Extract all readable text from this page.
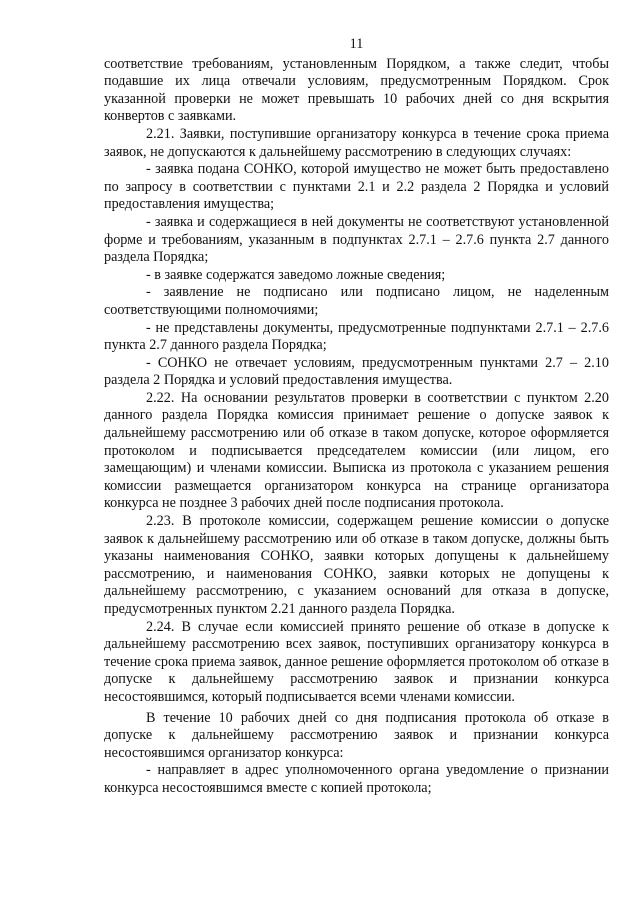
11

соответствие требованиям, установленным Порядком, а также следит, чтобы подавшие их лица отвечали условиям, предусмотренным Порядком. Срок указанной проверки не может превышать 10 рабочих дней со дня вскрытия конвертов с заявками.

2.21. Заявки, поступившие организатору конкурса в течение срока приема заявок, не допускаются к дальнейшему рассмотрению в следующих случаях:

- заявка подана СОНКО, которой имущество не может быть предоставлено по запросу в соответствии с пунктами 2.1 и 2.2 раздела 2 Порядка и условий предоставления имущества;

- заявка и содержащиеся в ней документы не соответствуют установленной форме и требованиям, указанным в подпунктах 2.7.1 – 2.7.6 пункта 2.7 данного раздела Порядка;

- в заявке содержатся заведомо ложные сведения;

- заявление не подписано или подписано лицом, не наделенным соответствующими полномочиями;

- не представлены документы, предусмотренные подпунктами 2.7.1 – 2.7.6 пункта 2.7 данного раздела Порядка;

- СОНКО не отвечает условиям, предусмотренным пунктами 2.7 – 2.10 раздела 2 Порядка и условий предоставления имущества.

2.22. На основании результатов проверки в соответствии с пунктом 2.20 данного раздела Порядка комиссия принимает решение о допуске заявок к дальнейшему рассмотрению или об отказе в таком допуске, которое оформляется протоколом и подписывается председателем комиссии (или лицом, его замещающим) и членами комиссии. Выписка из протокола с указанием решения комиссии размещается организатором конкурса на странице организатора конкурса не позднее 3 рабочих дней после подписания протокола.

2.23. В протоколе комиссии, содержащем решение комиссии о допуске заявок к дальнейшему рассмотрению или об отказе в таком допуске, должны быть указаны наименования СОНКО, заявки которых допущены к дальнейшему рассмотрению, и наименования СОНКО, заявки которых не допущены к дальнейшему рассмотрению, с указанием оснований для отказа в допуске, предусмотренных пунктом 2.21 данного раздела Порядка.

2.24. В случае если комиссией принято решение об отказе в допуске к дальнейшему рассмотрению всех заявок, поступивших организатору конкурса в течение срока приема заявок, данное решение оформляется протоколом об отказе в допуске к дальнейшему рассмотрению заявок и признании конкурса несостоявшимся, который подписывается всеми членами комиссии.

В течение 10 рабочих дней со дня подписания протокола об отказе в допуске к дальнейшему рассмотрению заявок и признании конкурса несостоявшимся организатор конкурса:

- направляет в адрес уполномоченного органа уведомление о признании конкурса несостоявшимся вместе с копией протокола;
